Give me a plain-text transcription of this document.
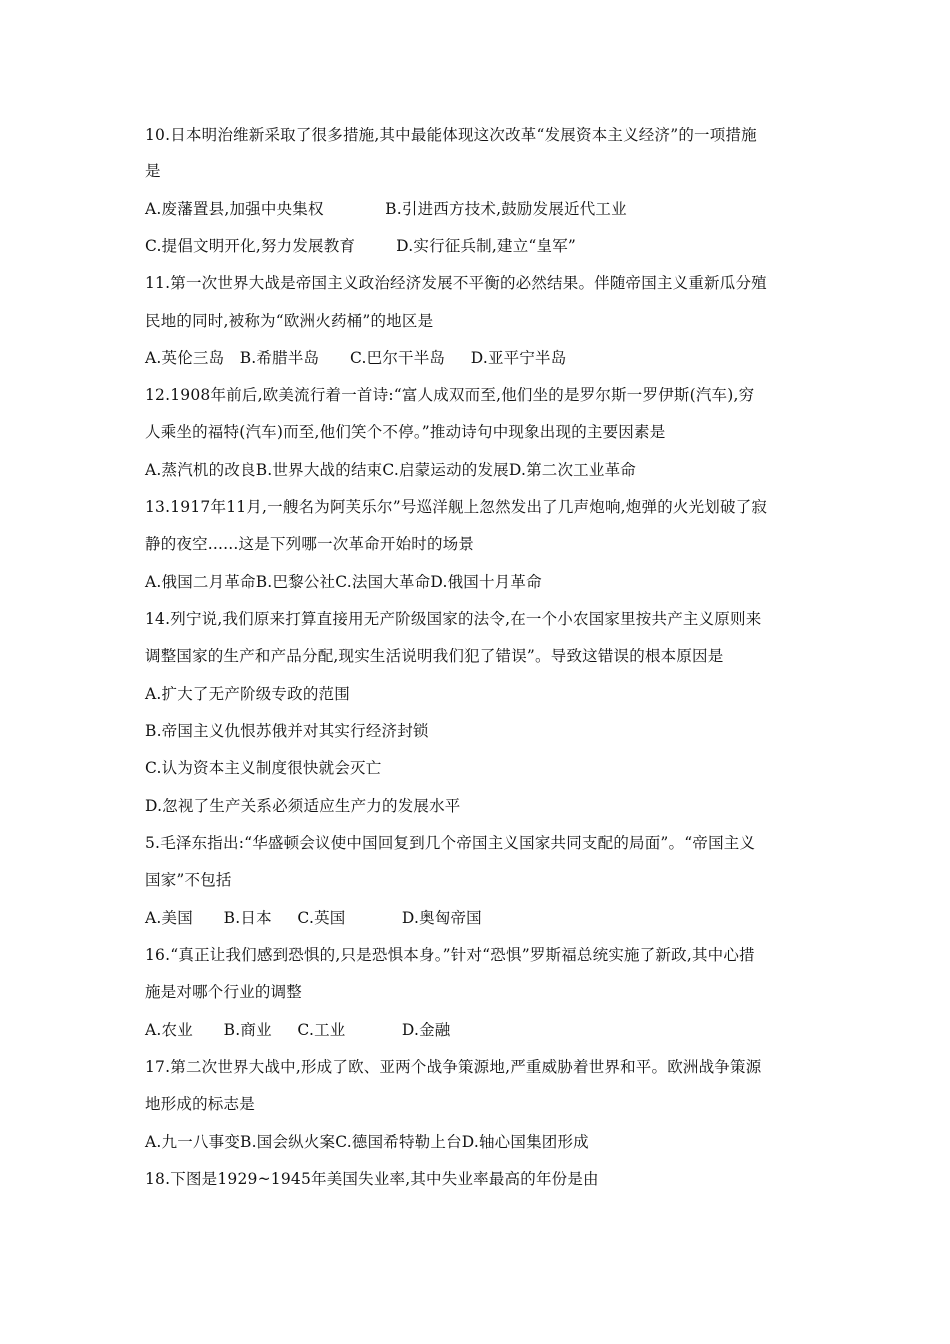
10.日本明治维新采取了很多措施,其中最能体现这次改革“发展资本主义经济”的一项措施
是
A.废藩置县,加强中央集权            B.引进西方技术,鼓励发展近代工业
C.提倡文明开化,努力发展教育        D.实行征兵制,建立“皇军”
11.第一次世界大战是帝国主义政治经济发展不平衡的必然结果。伴随帝国主义重新瓜分殖
民地的同时,被称为“欧洲火药桶”的地区是
A.英伦三岛   B.希腊半岛      C.巴尔干半岛     D.亚平宁半岛
12.1908年前后,欧美流行着一首诗:“富人成双而至,他们坐的是罗尔斯一罗伊斯(汽车),穷
人乘坐的福特(汽车)而至,他们笑个不停。”推动诗句中现象出现的主要因素是
A.蒸汽机的改良B.世界大战的结束C.启蒙运动的发展D.第二次工业革命
13.1917年11月,一艘名为阿芙乐尔”号巡洋舰上忽然发出了几声炮响,炮弹的火光划破了寂
静的夜空......这是下列哪一次革命开始时的场景
A.俄国二月革命B.巴黎公社C.法国大革命D.俄国十月革命
14.列宁说,我们原来打算直接用无产阶级国家的法令,在一个小农国家里按共产主义原则来
调整国家的生产和产品分配,现实生活说明我们犯了错误”。导致这错误的根本原因是
A.扩大了无产阶级专政的范围
B.帝国主义仇恨苏俄并对其实行经济封锁
C.认为资本主义制度很快就会灭亡
D.忽视了生产关系必须适应生产力的发展水平
5.毛泽东指出:“华盛顿会议使中国回复到几个帝国主义国家共同支配的局面”。“帝国主义
国家”不包括
A.美国      B.日本     C.英国           D.奥匈帝国
16.“真正让我们感到恐惧的,只是恐惧本身。”针对“恐惧”罗斯福总统实施了新政,其中心措
施是对哪个行业的调整
A.农业      B.商业     C.工业           D.金融
17.第二次世界大战中,形成了欧、亚两个战争策源地,严重威胁着世界和平。欧洲战争策源
地形成的标志是
A.九一八事变B.国会纵火案C.德国希特勒上台D.轴心国集团形成
18.下图是1929~1945年美国失业率,其中失业率最高的年份是由
